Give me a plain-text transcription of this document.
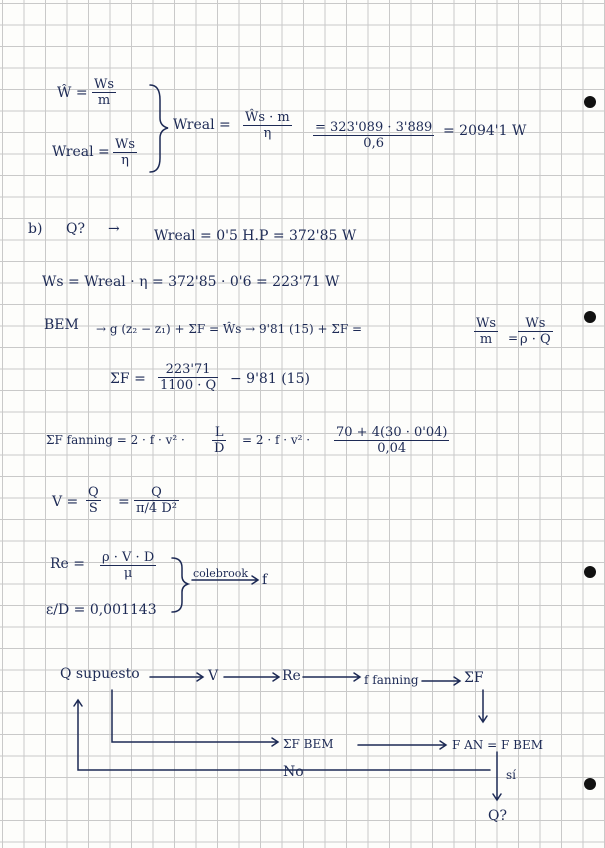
Ŵ = $\frac{Ws}{m}$
Wreal = $\frac{Ws}{\eta}$
Wreal = $\frac{Ŵs \cdot m}{\eta} \frac{= 323'089 \cdot 3'889}{0,6} = 2094'1$ W
b) Q? → Wreal = 0'5 H.P = 372'85 W
Ws = Wreal · η = 372'85 · 0'6 = 223'71 W
BEM → g (z₂ − z₁) + ΣF = Ŵs → 9'81 (15) + ΣF =	$\frac{Ws}{m} = \frac{Ws}{\rho \cdot Q}$
$\Sigma F = \frac{223'71}{1100 \cdot Q} - 9'81$ (15)
ΣF fanning = $2 \cdot f \cdot v^2 \cdot \frac{L}{D} = 2 \cdot f \cdot v^2 \cdot \frac{70 + 4(30 \cdot 0'04)}{0,04}$
$V = \frac{Q}{S} = \frac{Q}{\text{π/4 D²}}$
$Re = \frac{\rho \cdot V \cdot D}{\mu}$	colebrook f
ε/D = 0,001143
Q supuesto	V	Re	f fanning	ΣF
ΣF BEM	F AN = F BEM
No	sí
Q?
